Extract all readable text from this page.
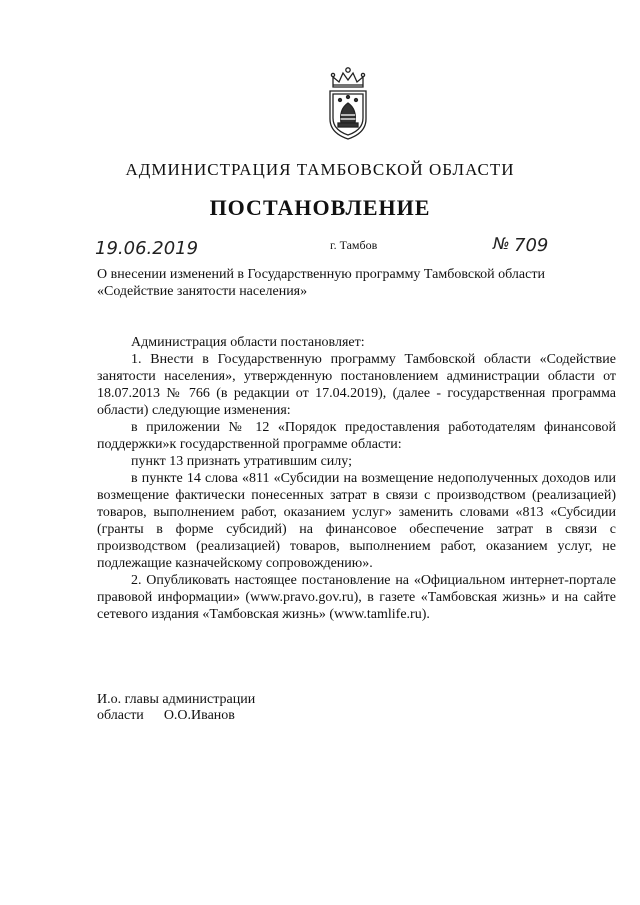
АДМИНИСТРАЦИЯ ТАМБОВСКОЙ ОБЛАСТИ
ПОСТАНОВЛЕНИЕ
19.06.2019	г. Тамбов	№ 709
О внесении изменений в Государственную программу Тамбовской области
«Содействие занятости населения»

Администрация области постановляет:

1. Внести в Государственную программу Тамбовской области «Содействие занятости населения», утвержденную постановлением администрации области от 18.07.2013 № 766 (в редакции от 17.04.2019), (далее - государственная программа области) следующие изменения:

в приложении № 12 «Порядок предоставления работодателям финансовой поддержки»к государственной программе области:

пункт 13 признать утратившим силу;

в пункте 14 слова «811 «Субсидии на возмещение недополученных доходов или возмещение фактически понесенных затрат в связи с производством (реализацией) товаров, выполнением работ, оказанием услуг» заменить словами «813 «Субсидии (гранты в форме субсидий) на финансовое обеспечение затрат в связи с производством (реализацией) товаров, выполнением работ, оказанием услуг, не подлежащие казначейскому сопровождению».

2. Опубликовать настоящее постановление на «Официальном интернет-портале правовой информации» (www.pravo.gov.ru), в газете «Тамбовская жизнь» и на сайте сетевого издания «Тамбовская жизнь» (www.tamlife.ru).

И.о. главы администрации
области О.О.Иванов
